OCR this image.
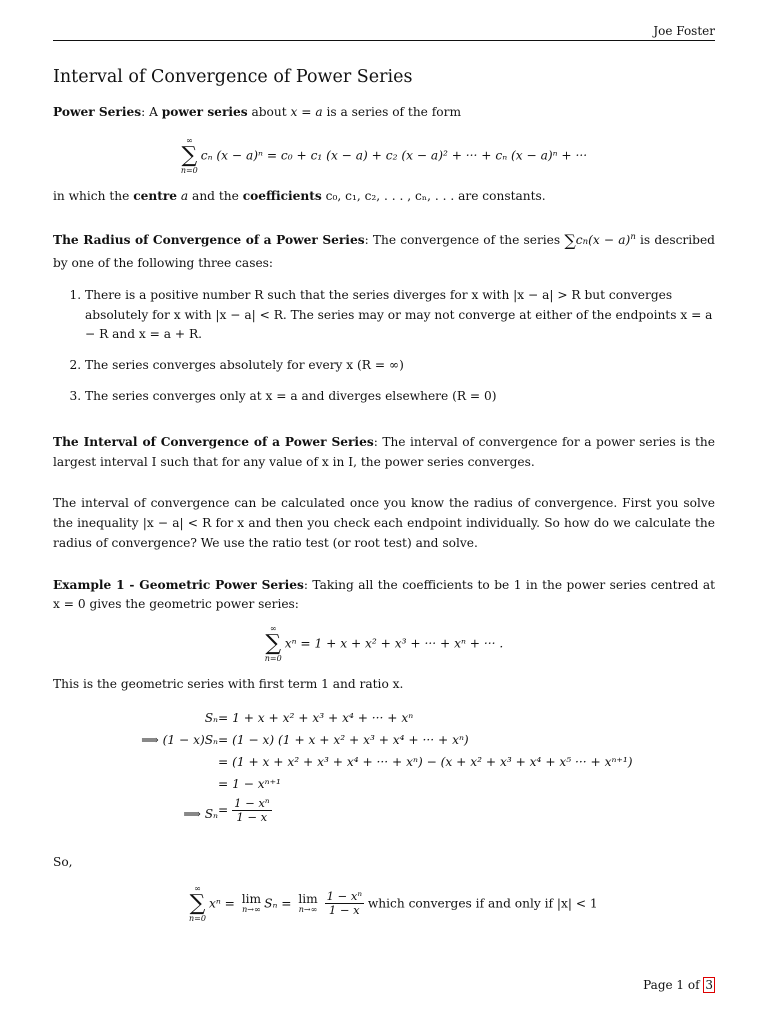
Joe Foster
Interval of Convergence of Power Series

Power Series: A power series about x = a is a series of the form

∞
∑
n=0
cₙ (x − a)ⁿ = c₀ + c₁ (x − a) + c₂ (x − a)² + ··· + cₙ (x − a)ⁿ + ···

in which the centre a and the coefficients c₀, c₁, c₂, . . . , cₙ, . . . are constants.

The Radius of Convergence of a Power Series: The convergence of the series $\sum cn(x - a)^n$ is described by one of the following three cases:

1. There is a positive number R such that the series diverges for x with |x − a| > R but converges absolutely for x with |x − a| < R. The series may or may not converge at either of the endpoints x = a − R and x = a + R.
2. The series converges absolutely for every x (R = ∞)
3. The series converges only at x = a and diverges elsewhere (R = 0)

The Interval of Convergence of a Power Series: The interval of convergence for a power series is the largest interval I such that for any value of x in I, the power series converges.

The interval of convergence can be calculated once you know the radius of convergence. First you solve the inequality |x − a| < R for x and then you check each endpoint individually. So how do we calculate the radius of convergence? We use the ratio test (or root test) and solve.

Example 1 - Geometric Power Series: Taking all the coefficients to be 1 in the power series centred at x = 0 gives the geometric power series:

∞
∑
n=0
xⁿ = 1 + x + x² + x³ + ··· + xⁿ + ··· .

This is the geometric series with first term 1 and ratio x.

Sₙ = 1 + x + x² + x³ + x⁴ + ··· + xⁿ
⟹ (1 − x)Sₙ = (1 − x) (1 + x + x² + x³ + x⁴ + ··· + xⁿ)
= (1 + x + x² + x³ + x⁴ + ··· + xⁿ) − (x + x² + x³ + x⁴ + x⁵ ··· + xⁿ⁺¹)
= 1 − xⁿ⁺¹
⟹ $S_n = \frac{\text{1 − xⁿ}}{1 - x}$

So,

∞
∑
n=0
xⁿ = lim
n→∞ Sₙ = lim
n→∞
$\frac{\text{1 − xⁿ}}{1 - x}$ which converges if and only if |x| < 1
Page 1 of 3
